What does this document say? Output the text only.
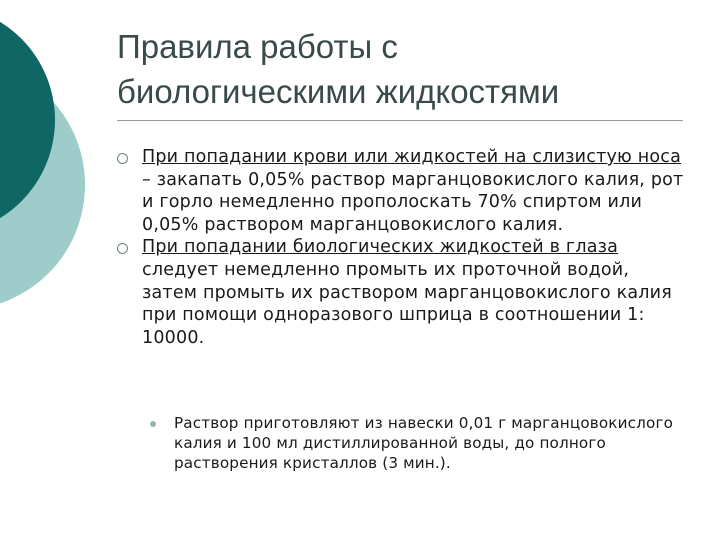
Правила работы с
биологическими жидкостями
При попадании крови или жидкостей на слизистую носа – закапать 0,05% раствор марганцовокислого калия, рот и горло немедленно прополоскать 70% спиртом или 0,05% раствором марганцовокислого калия.
При попадании биологических жидкостей в глаза следует немедленно промыть их проточной водой, затем промыть их раствором марганцовокислого калия при помощи одноразового шприца в соотношении 1: 10000.
Раствор приготовляют из навески 0,01 г марганцовокислого калия и 100 мл дистиллированной воды, до полного растворения кристаллов (3 мин.).
